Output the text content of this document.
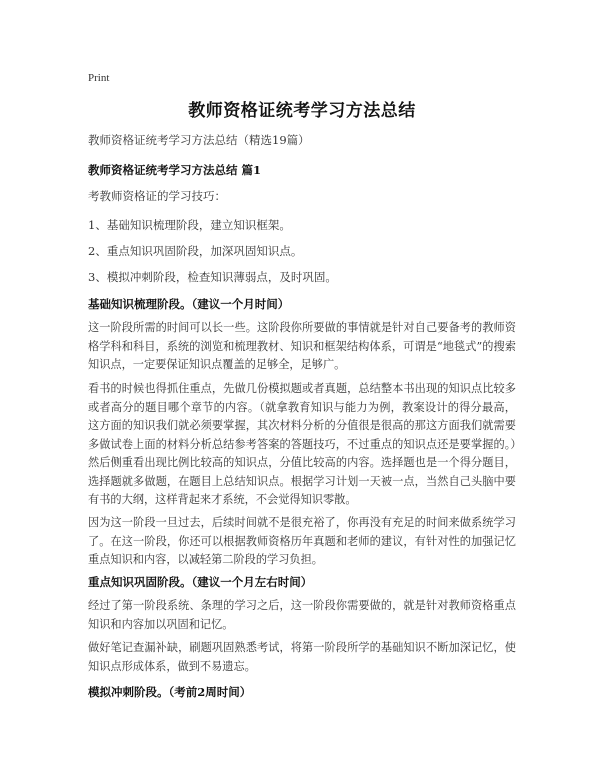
Print
教师资格证统考学习方法总结
教师资格证统考学习方法总结（精选19篇）
教师资格证统考学习方法总结 篇1
考教师资格证的学习技巧：
1、基础知识梳理阶段，建立知识框架。
2、重点知识巩固阶段，加深巩固知识点。
3、模拟冲刺阶段，检查知识薄弱点，及时巩固。
基础知识梳理阶段。（建议一个月时间）
这一阶段所需的时间可以长一些。这阶段你所要做的事情就是针对自己要备考的教师资格学科和科目，系统的浏览和梳理教材、知识和框架结构体系，可谓是“地毯式”的搜索知识点，一定要保证知识点覆盖的足够全，足够广。
看书的时候也得抓住重点，先做几份模拟题或者真题，总结整本书出现的知识点比较多或者高分的题目哪个章节的内容。（就拿教育知识与能力为例，教案设计的得分最高，这方面的知识我们就必须要掌握，其次材料分析的分值很是很高的那这方面我们就需要多做试卷上面的材料分析总结参考答案的答题技巧，不过重点的知识点还是要掌握的。）然后侧重看出现比例比较高的知识点，分值比较高的内容。选择题也是一个得分题目，选择题就多做题，在题目上总结知识点。根据学习计划一天被一点，当然自己头脑中要有书的大纲，这样背起来才系统，不会觉得知识零散。
因为这一阶段一旦过去，后续时间就不是很充裕了，你再没有充足的时间来做系统学习了。在这一阶段，你还可以根据教师资格历年真题和老师的建议，有针对性的加强记忆重点知识和内容，以减轻第二阶段的学习负担。
重点知识巩固阶段。（建议一个月左右时间）
经过了第一阶段系统、条理的学习之后，这一阶段你需要做的，就是针对教师资格重点知识和内容加以巩固和记忆。
做好笔记查漏补缺，刷题巩固熟悉考试，将第一阶段所学的基础知识不断加深记忆，使知识点形成体系，做到不易遗忘。
模拟冲刺阶段。（考前2周时间）
